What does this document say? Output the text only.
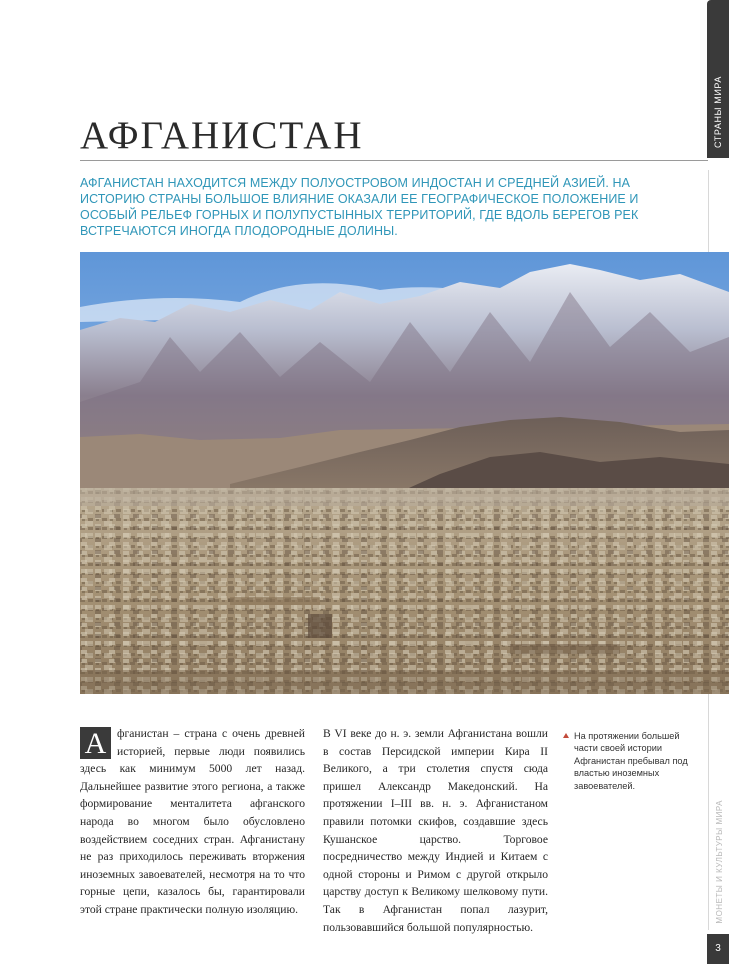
СТРАНЫ МИРА
МОНЕТЫ И КУЛЬТУРЫ МИРА
3
АФГАНИСТАН

АФГАНИСТАН НАХОДИТСЯ МЕЖДУ ПОЛУОСТРОВОМ ИНДОСТАН И СРЕДНЕЙ АЗИЕЙ. НА ИСТОРИЮ СТРАНЫ БОЛЬШОЕ ВЛИЯНИЕ ОКАЗАЛИ ЕЕ ГЕОГРАФИЧЕСКОЕ ПОЛОЖЕНИЕ И ОСОБЫЙ РЕЛЬЕФ ГОРНЫХ И ПОЛУПУСТЫННЫХ ТЕРРИТОРИЙ, ГДЕ ВДОЛЬ БЕРЕГОВ РЕК ВСТРЕЧАЮТСЯ ИНОГДА ПЛОДОРОДНЫЕ ДОЛИНЫ.

А фганистан – страна с очень древней историей, первые люди появились здесь как минимум 5000 лет назад. Дальнейшее развитие этого региона, а также формирование менталитета афганского народа во многом было обусловлено воздействием соседних стран. Афганистану не раз приходилось переживать вторжения иноземных завоевателей, несмотря на то что горные цепи, казалось бы, гарантировали этой стране практически полную изоляцию.
В VI веке до н. э. земли Афганистана вошли в состав Персидской империи Кира II Великого, а три столетия спустя сюда пришел Александр Македонский. На протяжении I–III вв. н. э. Афганистаном правили потомки скифов, создавшие здесь Кушанское царство. Торговое посредничество между Индией и Китаем с одной стороны и Римом с другой открыло царству доступ к Великому шелковому пути. Так в Афганистан попал лазурит, пользовавшийся большой популярностью.
На протяжении большей части своей истории Афганистан пребывал под властью иноземных завоевателей.
